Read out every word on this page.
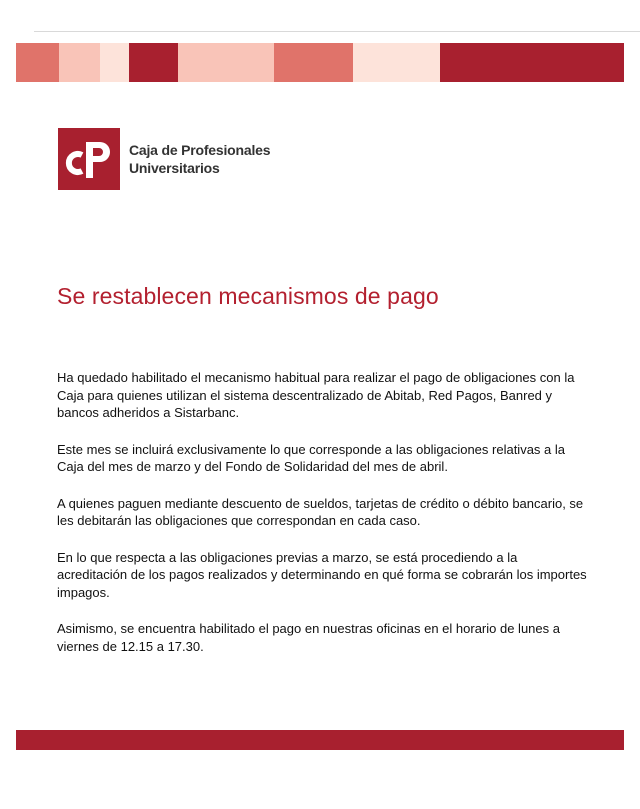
Caja de Profesionales
Universitarios
Se restablecen mecanismos de pago

Ha quedado habilitado el mecanismo habitual para realizar el pago de obligaciones con la Caja para quienes utilizan el sistema descentralizado de Abitab, Red Pagos, Banred y bancos adheridos a Sistarbanc.

Este mes se incluirá exclusivamente lo que corresponde a las obligaciones relativas a la Caja del mes de marzo y del Fondo de Solidaridad del mes de abril.

A quienes paguen mediante descuento de sueldos, tarjetas de crédito o débito bancario, se les debitarán las obligaciones que correspondan en cada caso.

En lo que respecta a las obligaciones previas a marzo, se está procediendo a la acreditación de los pagos realizados y determinando en qué forma se cobrarán los importes impagos.

Asimismo, se encuentra habilitado el pago en nuestras oficinas en el horario de lunes a viernes de 12.15 a 17.30.
